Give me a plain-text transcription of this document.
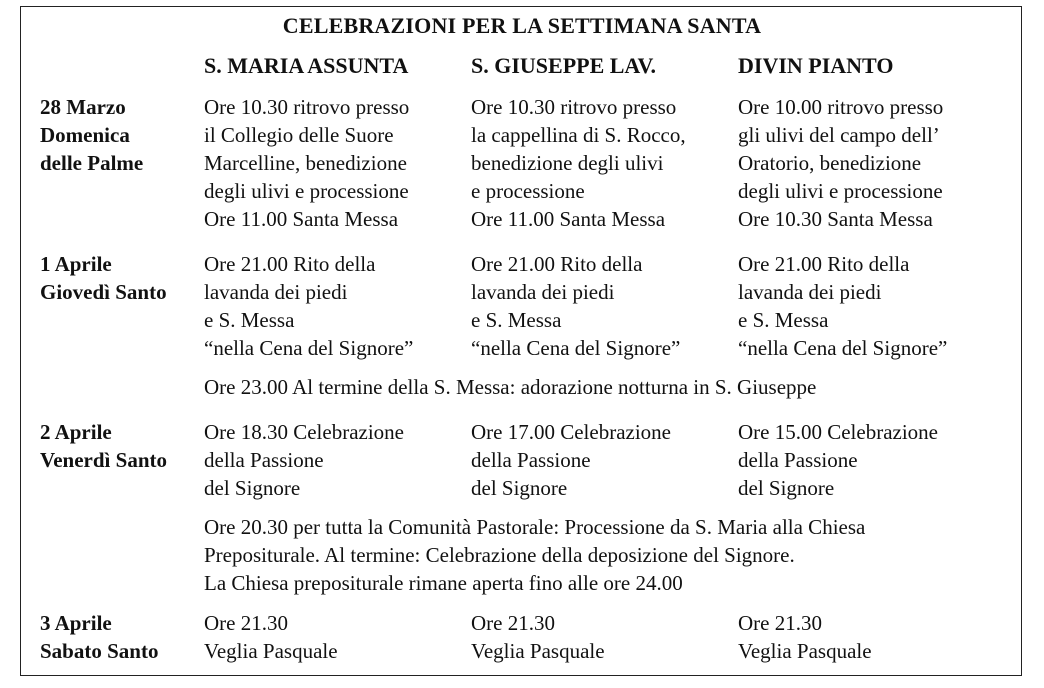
CELEBRAZIONI PER LA SETTIMANA SANTA
S. MARIA ASSUNTA	S. GIUSEPPE LAV.	DIVIN PIANTO
28 Marzo
Domenica
delle Palme
Ore 10.30 ritrovo presso
il Collegio delle Suore
Marcelline, benedizione
degli ulivi e processione
Ore 11.00 Santa Messa
Ore 10.30 ritrovo presso
la cappellina di S. Rocco,
benedizione degli ulivi
e processione
Ore 11.00 Santa Messa
Ore 10.00 ritrovo presso
gli ulivi del campo dell’
Oratorio, benedizione
degli ulivi e processione
Ore 10.30 Santa Messa
1 Aprile
Giovedì Santo
Ore 21.00 Rito della
lavanda dei piedi
e S. Messa
“nella Cena del Signore”
Ore 21.00 Rito della
lavanda dei piedi
e S. Messa
“nella Cena del Signore”
Ore 21.00 Rito della
lavanda dei piedi
e S. Messa
“nella Cena del Signore”
Ore 23.00 Al termine della S. Messa: adorazione notturna in S. Giuseppe
2 Aprile
Venerdì Santo
Ore 18.30 Celebrazione
della Passione
del Signore
Ore 17.00 Celebrazione
della Passione
del Signore
Ore 15.00 Celebrazione
della Passione
del Signore
Ore 20.30 per tutta la Comunità Pastorale: Processione da S. Maria alla Chiesa
Prepositurale. Al termine: Celebrazione della deposizione del Signore.
La Chiesa prepositurale rimane aperta fino alle ore 24.00
3 Aprile
Sabato Santo
Ore 21.30
Veglia Pasquale
Ore 21.30
Veglia Pasquale
Ore 21.30
Veglia Pasquale
